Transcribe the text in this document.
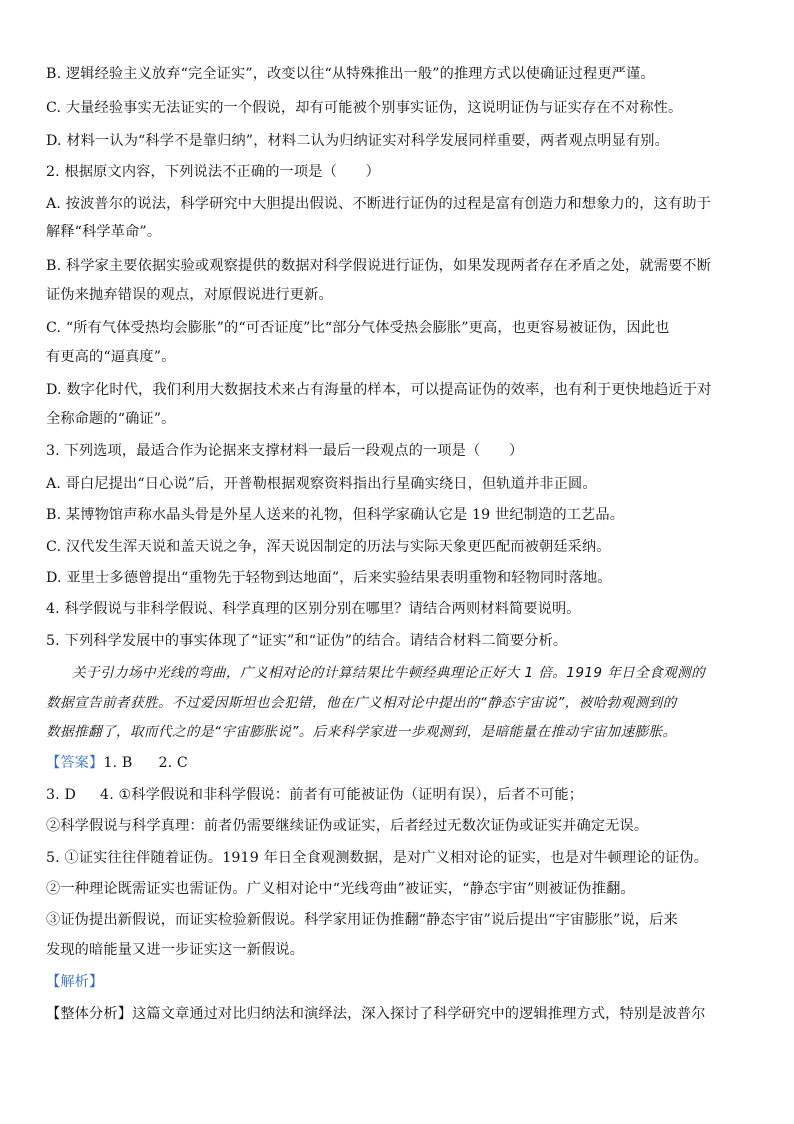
B. 逻辑经验主义放弃“完全证实”，改变以往“从特殊推出一般”的推理方式以使确证过程更严谨。
C. 大量经验事实无法证实的一个假说，却有可能被个别事实证伪，这说明证伪与证实存在不对称性。
D. 材料一认为“科学不是靠归纳”，材料二认为归纳证实对科学发展同样重要，两者观点明显有别。
2. 根据原文内容，下列说法不正确的一项是（　　）
A. 按波普尔的说法，科学研究中大胆提出假说、不断进行证伪的过程是富有创造力和想象力的，这有助于
解释“科学革命”。
B. 科学家主要依据实验或观察提供的数据对科学假说进行证伪，如果发现两者存在矛盾之处，就需要不断
证伪来抛弃错误的观点，对原假说进行更新。
C. “所有气体受热均会膨胀”的“可否证度”比“部分气体受热会膨胀”更高，也更容易被证伪，因此也
有更高的“逼真度”。
D. 数字化时代，我们利用大数据技术来占有海量的样本，可以提高证伪的效率，也有利于更快地趋近于对
全称命题的“确证”。
3. 下列选项，最适合作为论据来支撑材料一最后一段观点的一项是（　　）
A. 哥白尼提出“日心说”后，开普勒根据观察资料指出行星确实绕日，但轨道并非正圆。
B. 某博物馆声称水晶头骨是外星人送来的礼物，但科学家确认它是 19 世纪制造的工艺品。
C. 汉代发生浑天说和盖天说之争，浑天说因制定的历法与实际天象更匹配而被朝廷采纳。
D. 亚里士多德曾提出“重物先于轻物到达地面”，后来实验结果表明重物和轻物同时落地。
4. 科学假说与非科学假说、科学真理的区别分别在哪里？请结合两则材料简要说明。
5. 下列科学发展中的事实体现了“证实”和“证伪”的结合。请结合材料二简要分析。
关于引力场中光线的弯曲，广义相对论的计算结果比牛顿经典理论正好大 1 倍。1919 年日全食观测的
数据宣告前者获胜。不过爱因斯坦也会犯错，他在广义相对论中提出的“静态宇宙说”，被哈勃观测到的
数据推翻了，取而代之的是“宇宙膨胀说”。后来科学家进一步观测到，是暗能量在推动宇宙加速膨胀。
【答案】1. B 2. C
3. D 4. ①科学假说和非科学假说：前者有可能被证伪（证明有误），后者不可能；
②科学假说与科学真理：前者仍需要继续证伪或证实，后者经过无数次证伪或证实并确定无误。
5. ①证实往往伴随着证伪。1919 年日全食观测数据，是对广义相对论的证实，也是对牛顿理论的证伪。
②一种理论既需证实也需证伪。广义相对论中“光线弯曲”被证实，“静态宇宙”则被证伪推翻。
③证伪提出新假说，而证实检验新假说。科学家用证伪推翻“静态宇宙”说后提出“宇宙膨胀”说，后来
发现的暗能量又进一步证实这一新假说。
【解析】
【整体分析】这篇文章通过对比归纳法和演绎法，深入探讨了科学研究中的逻辑推理方式，特别是波普尔
